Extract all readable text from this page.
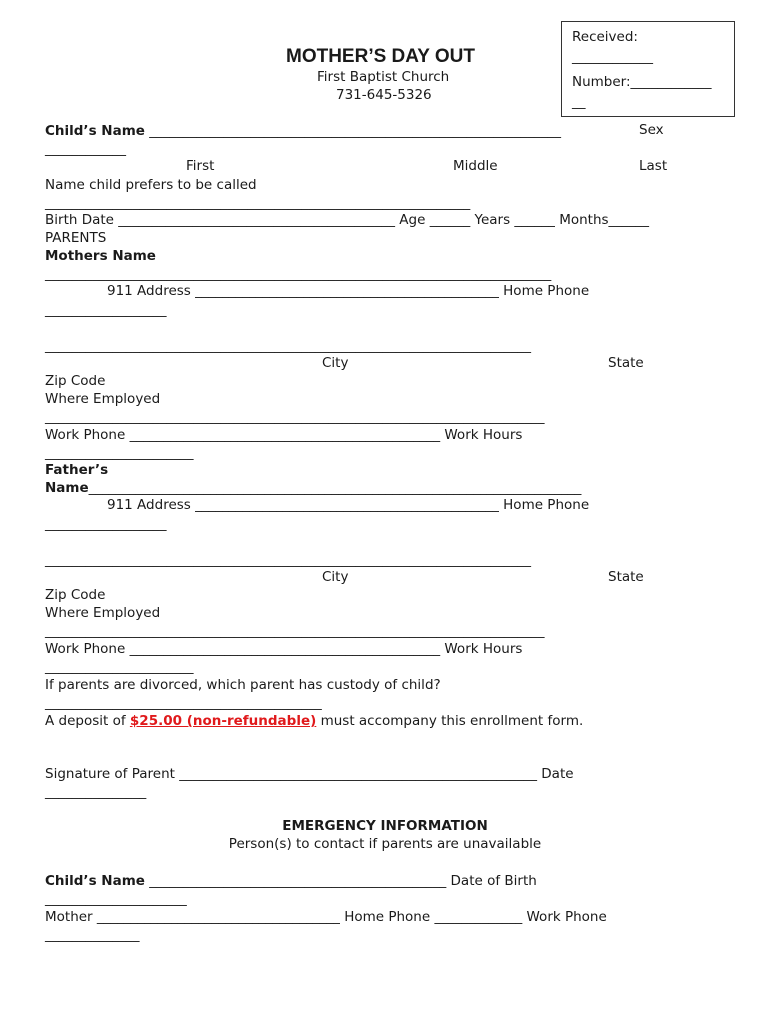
Received:
____________
Number:____________
__
MOTHER’S DAY OUT
First Baptist Church
731-645-5326
Child’s Name _____________________________________________________________	Sex
____________
First	Middle	Last
Name child prefers to be called
_______________________________________________________________
Birth Date _________________________________________ Age ______ Years ______ Months______
PARENTS
Mothers Name
___________________________________________________________________________
911 Address _____________________________________________ Home Phone
__________________
________________________________________________________________________
City	State
Zip Code
Where Employed
__________________________________________________________________________
Work Phone ______________________________________________ Work Hours
______________________
Father’s
Name_________________________________________________________________________
911 Address _____________________________________________ Home Phone
__________________
________________________________________________________________________
City	State
Zip Code
Where Employed
__________________________________________________________________________
Work Phone ______________________________________________ Work Hours
______________________
If parents are divorced, which parent has custody of child?
_________________________________________
A deposit of $25.00 (non-refundable) must accompany this enrollment form.
Signature of Parent _____________________________________________________ Date
_______________
EMERGENCY INFORMATION
Person(s) to contact if parents are unavailable
Child’s Name ____________________________________________ Date of Birth
_____________________
Mother ____________________________________ Home Phone _____________ Work Phone
______________
